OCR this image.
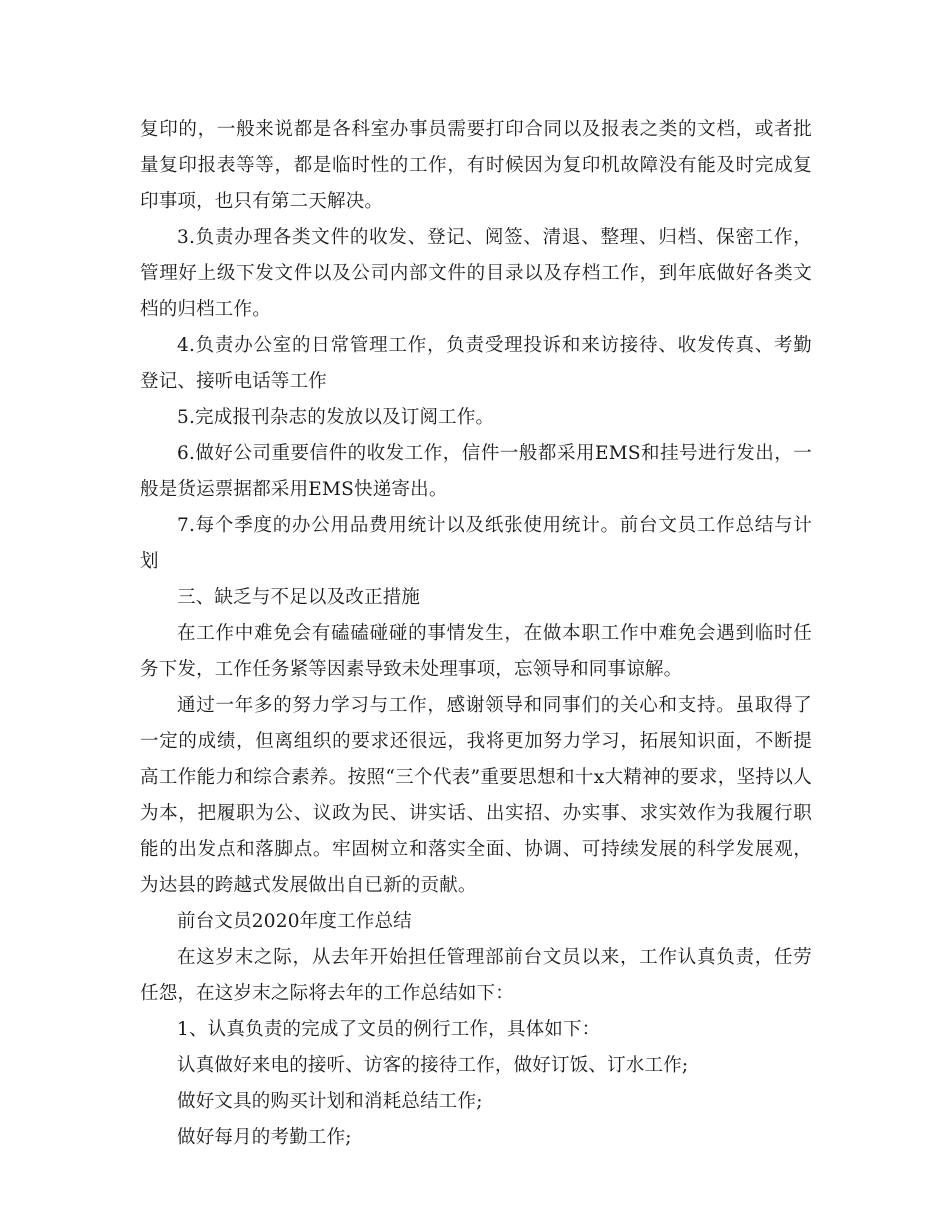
复印的，一般来说都是各科室办事员需要打印合同以及报表之类的文档，或者批量复印报表等等，都是临时性的工作，有时候因为复印机故障没有能及时完成复印事项，也只有第二天解决。

3.负责办理各类文件的收发、登记、阅签、清退、整理、归档、保密工作，管理好上级下发文件以及公司内部文件的目录以及存档工作，到年底做好各类文档的归档工作。

4.负责办公室的日常管理工作，负责受理投诉和来访接待、收发传真、考勤登记、接听电话等工作

5.完成报刊杂志的发放以及订阅工作。

6.做好公司重要信件的收发工作，信件一般都采用EMS和挂号进行发出，一般是货运票据都采用EMS快递寄出。

7.每个季度的办公用品费用统计以及纸张使用统计。前台文员工作总结与计划

三、缺乏与不足以及改正措施

在工作中难免会有磕磕碰碰的事情发生，在做本职工作中难免会遇到临时任务下发，工作任务紧等因素导致未处理事项，忘领导和同事谅解。

通过一年多的努力学习与工作，感谢领导和同事们的关心和支持。虽取得了一定的成绩，但离组织的要求还很远，我将更加努力学习，拓展知识面，不断提高工作能力和综合素养。按照“三个代表”重要思想和十x大精神的要求，坚持以人为本，把履职为公、议政为民、讲实话、出实招、办实事、求实效作为我履行职能的出发点和落脚点。牢固树立和落实全面、协调、可持续发展的科学发展观，为达县的跨越式发展做出自已新的贡献。

前台文员2020年度工作总结

在这岁末之际，从去年开始担任管理部前台文员以来，工作认真负责，任劳任怨，在这岁末之际将去年的工作总结如下：

1、认真负责的完成了文员的例行工作，具体如下：

认真做好来电的接听、访客的接待工作，做好订饭、订水工作;

做好文具的购买计划和消耗总结工作;

做好每月的考勤工作;
